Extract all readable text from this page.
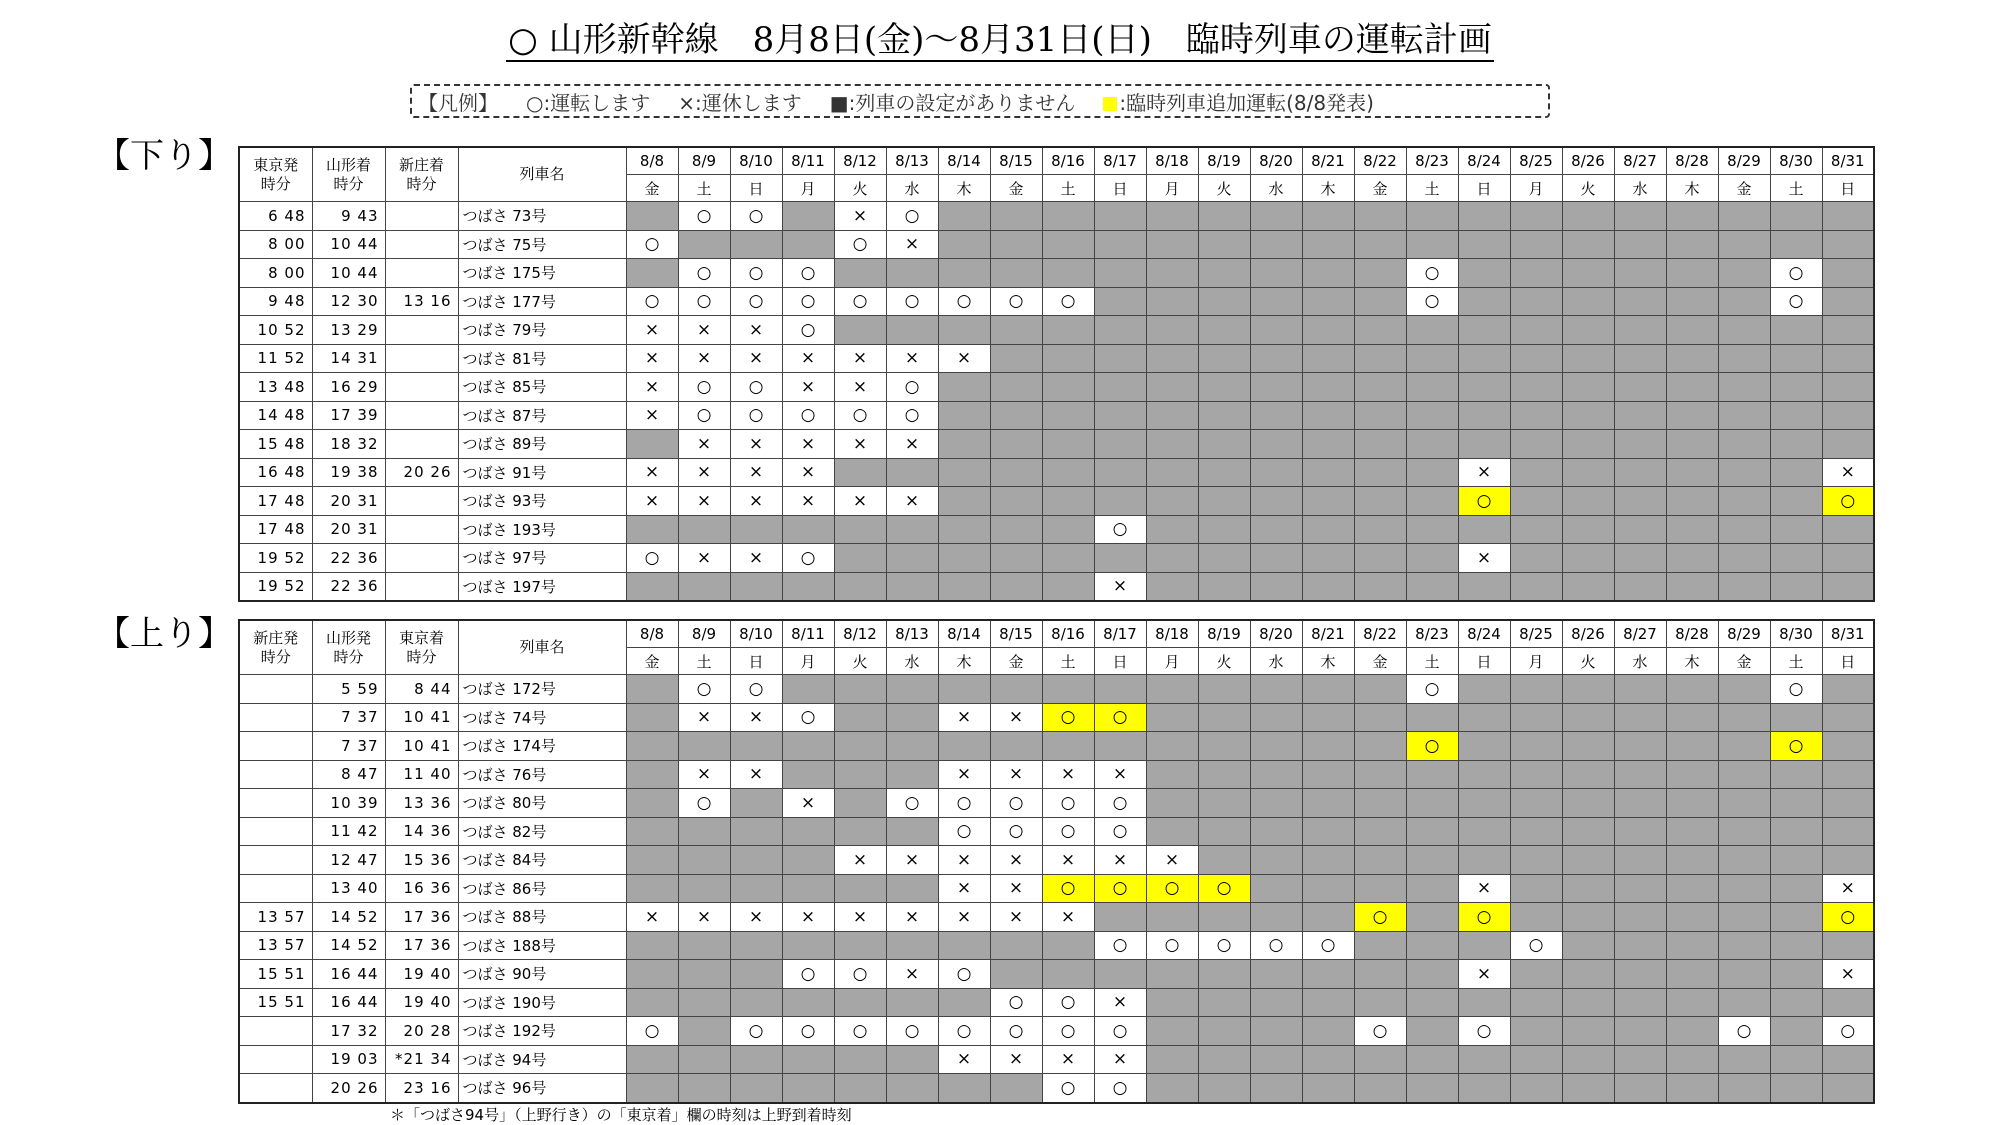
○ 山形新幹線　8月8日(金)～8月31日(日)　臨時列車の運転計画
【凡例】 ○:運転します ×:運休します ■:列車の設定がありません	:臨時列車追加運転(8/8発表)
【下り】 東京発
時分	山形着
時分	新庄着
時分	列車名	8/8	8/9	8/10	8/11	8/12	8/13	8/14	8/15	8/16	8/17	8/18	8/19	8/20	8/21	8/22	8/23	8/24	8/25	8/26	8/27	8/28	8/29	8/30	8/31
				金	土	日	月	火	水	木	金	土	日	月	火	水	木	金	土	日	月	火	水	木	金	土	日
6 48	9 43		つばさ 73号		○	○		×	○																		
8 00	10 44		つばさ 75号	○				○	×																		
8 00	10 44		つばさ 175号		○	○	○												○							○	
9 48	12 30	13 16	つばさ 177号	○	○	○	○	○	○	○	○	○							○							○	
10 52	13 29		つばさ 79号	×	×	×	○																				
11 52	14 31		つばさ 81号	×	×	×	×	×	×	×																	
13 48	16 29		つばさ 85号	×	○	○	×	×	○																		
14 48	17 39		つばさ 87号	×	○	○	○	○	○																		
15 48	18 32		つばさ 89号		×	×	×	×	×																		
16 48	19 38	20 26	つばさ 91号	×	×	×	×													×							×
17 48	20 31		つばさ 93号	×	×	×	×	×	×											○							○
17 48	20 31		つばさ 193号										○														
19 52	22 36		つばさ 97号	○	×	×	○													×							
19 52	22 36		つばさ 197号										×														
【上り】 新庄発
時分	山形発
時分	東京着
時分	列車名	8/8	8/9	8/10	8/11	8/12	8/13	8/14	8/15	8/16	8/17	8/18	8/19	8/20	8/21	8/22	8/23	8/24	8/25	8/26	8/27	8/28	8/29	8/30	8/31
				金	土	日	月	火	水	木	金	土	日	月	火	水	木	金	土	日	月	火	水	木	金	土	日
	5 59	8 44	つばさ 172号		○	○													○							○	
	7 37	10 41	つばさ 74号		×	×	○			×	×	○	○														
	7 37	10 41	つばさ 174号																○							○	
	8 47	11 40	つばさ 76号		×	×				×	×	×	×														
	10 39	13 36	つばさ 80号		○		×		○	○	○	○	○														
	11 42	14 36	つばさ 82号							○	○	○	○														
	12 47	15 36	つばさ 84号					×	×	×	×	×	×	×													
	13 40	16 36	つばさ 86号							×	×	○	○	○	○					×							×
13 57	14 52	17 36	つばさ 88号	×	×	×	×	×	×	×	×	×						○		○							○
13 57	14 52	17 36	つばさ 188号										○	○	○	○	○				○						
15 51	16 44	19 40	つばさ 90号				○	○	×	○										×							×
15 51	16 44	19 40	つばさ 190号								○	○	×														
	17 32	20 28	つばさ 192号	○		○	○	○	○	○	○	○	○					○		○					○		○
	19 03	*21 34	つばさ 94号							×	×	×	×														
	20 26	23 16	つばさ 96号									○	○														
＊「つばさ94号」（上野行き）の「東京着」欄の時刻は上野到着時刻
